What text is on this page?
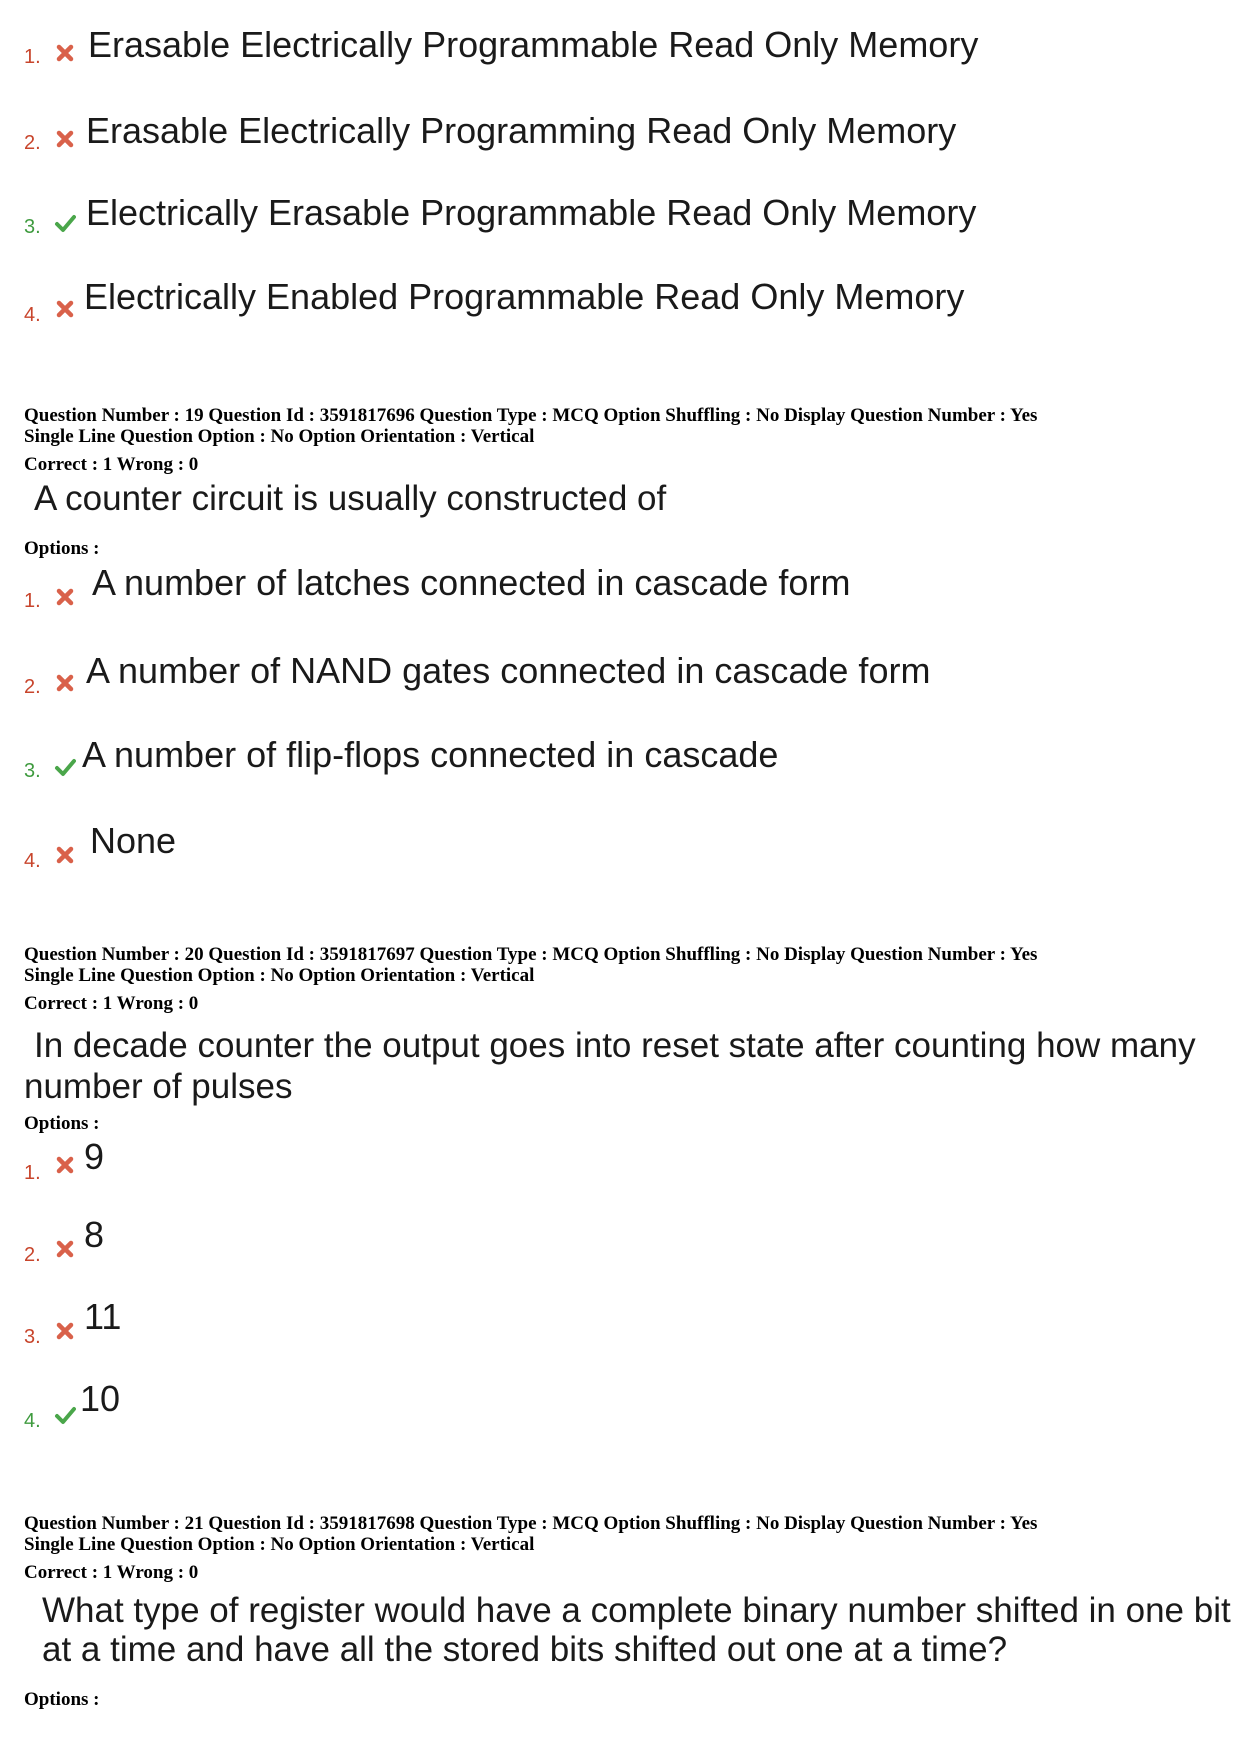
1. Erasable Electrically Programmable Read Only Memory
2. Erasable Electrically Programming Read Only Memory
3. Electrically Erasable Programmable Read Only Memory
4. Electrically Enabled Programmable Read Only Memory
Question Number : 19 Question Id : 3591817696 Question Type : MCQ Option Shuffling : No Display Question Number : Yes
Single Line Question Option : No Option Orientation : Vertical
Correct : 1 Wrong : 0
A counter circuit is usually constructed of
Options :
1. A number of latches connected in cascade form
2. A number of NAND gates connected in cascade form
3. A number of flip-flops connected in cascade
4. None
Question Number : 20 Question Id : 3591817697 Question Type : MCQ Option Shuffling : No Display Question Number : Yes
Single Line Question Option : No Option Orientation : Vertical
Correct : 1 Wrong : 0
In decade counter the output goes into reset state after counting how many
number of pulses
Options :
1. 9
2. 8
3. 11
4.
10
Question Number : 21 Question Id : 3591817698 Question Type : MCQ Option Shuffling : No Display Question Number : Yes
Single Line Question Option : No Option Orientation : Vertical
Correct : 1 Wrong : 0
What type of register would have a complete binary number shifted in one bit
at a time and have all the stored bits shifted out one at a time?
Options :
